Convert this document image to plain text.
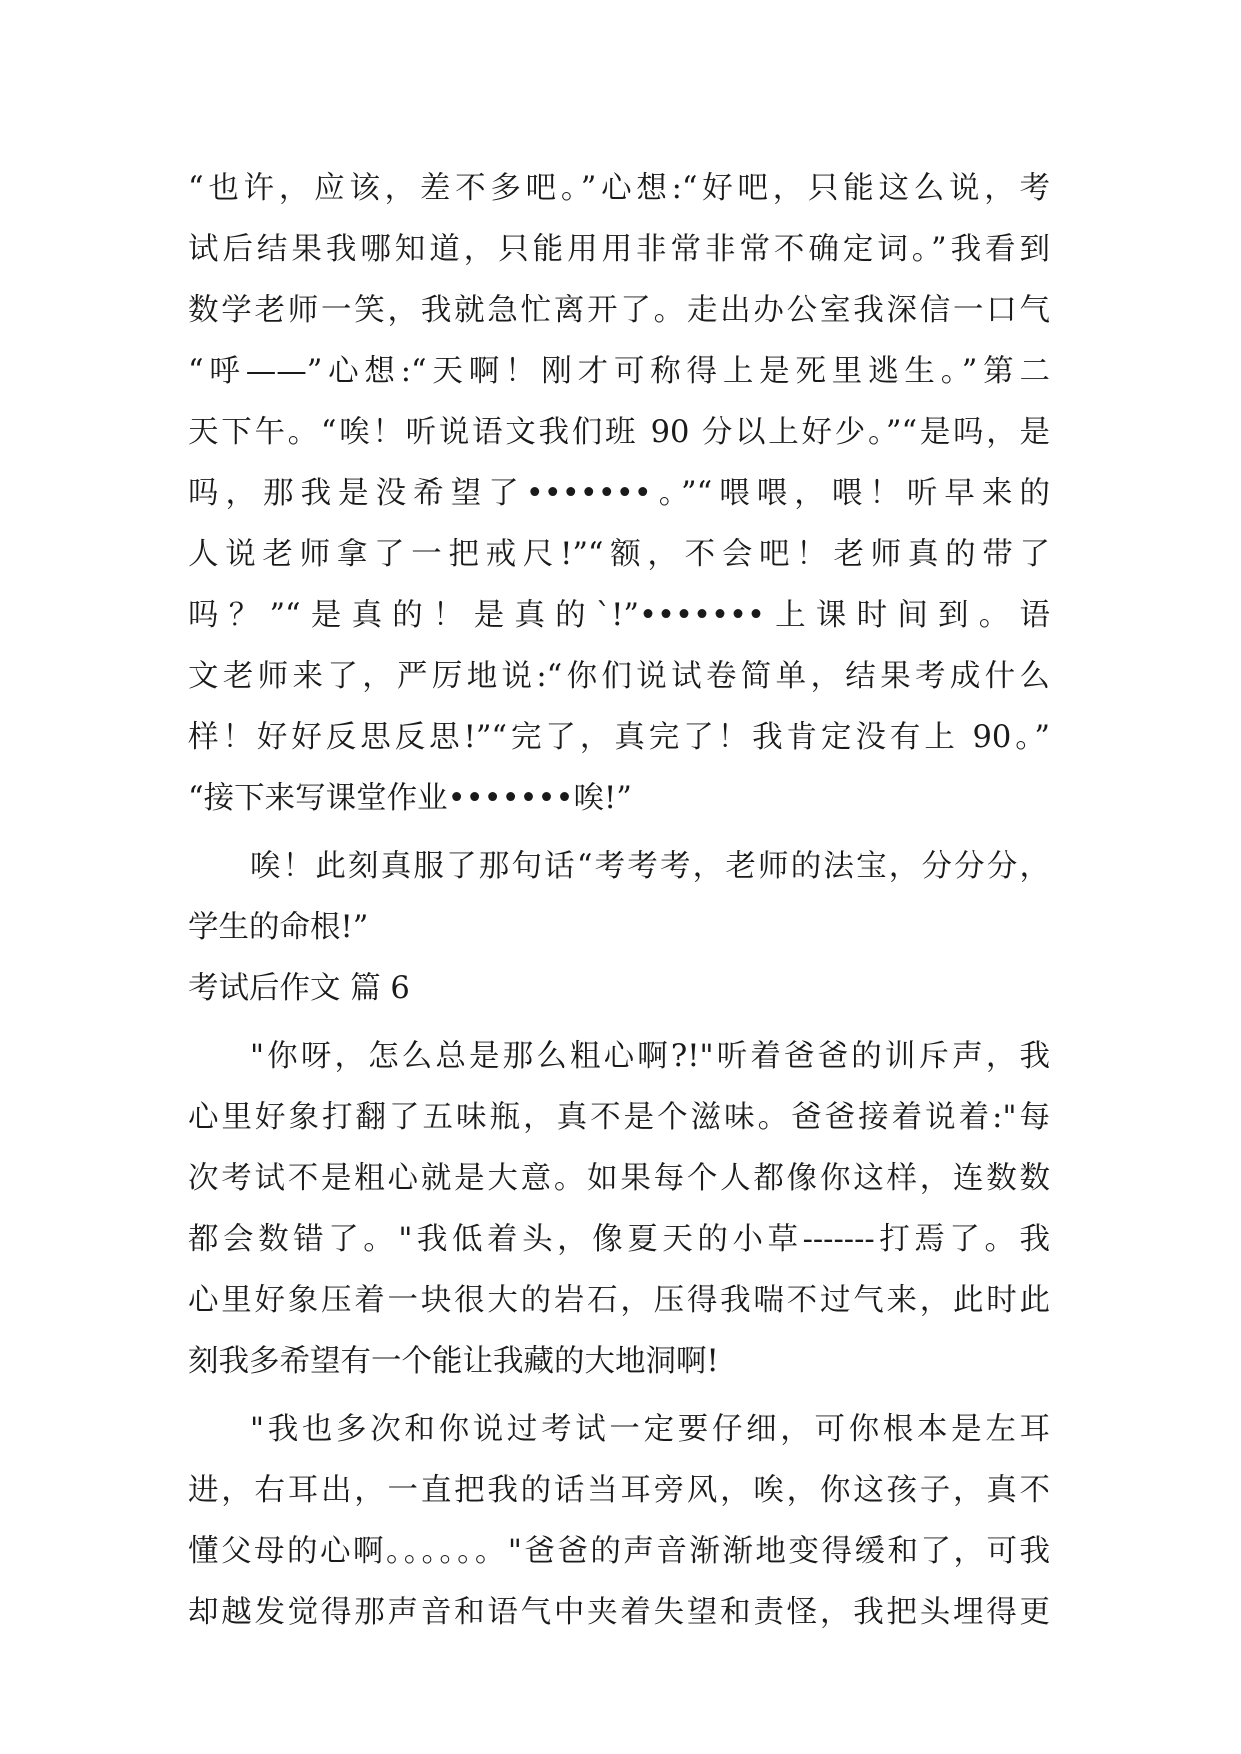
“也许，应该，差不多吧。”心想:“好吧，只能这么说，考
试后结果我哪知道，只能用用非常非常不确定词。”我看到
数学老师一笑，我就急忙离开了。走出办公室我深信一口气
“呼——”心想:“天啊！刚才可称得上是死里逃生。”第二
天下午。“唉！听说语文我们班 90 分以上好少。”“是吗，是
吗，那我是没希望了•••••••。”“喂喂，喂！听早来的
人说老师拿了一把戒尺!”“额，不会吧！老师真的带了
吗？”“是真的！是真的`!”•••••••上课时间到。语
文老师来了，严厉地说:“你们说试卷简单，结果考成什么
样！好好反思反思!”“完了，真完了！我肯定没有上 90。”
“接下来写课堂作业•••••••唉!”
唉！此刻真服了那句话“考考考，老师的法宝，分分分，
学生的命根!”
考试后作文 篇 6
"你呀，怎么总是那么粗心啊?!"听着爸爸的训斥声，我
心里好象打翻了五味瓶，真不是个滋味。爸爸接着说着:"每
次考试不是粗心就是大意。如果每个人都像你这样，连数数
都会数错了。"我低着头，像夏天的小草-------打焉了。我
心里好象压着一块很大的岩石，压得我喘不过气来，此时此
刻我多希望有一个能让我藏的大地洞啊!
"我也多次和你说过考试一定要仔细，可你根本是左耳
进，右耳出，一直把我的话当耳旁风，唉，你这孩子，真不
懂父母的心啊。。。。。。"爸爸的声音渐渐地变得缓和了，可我
却越发觉得那声音和语气中夹着失望和责怪，我把头埋得更
